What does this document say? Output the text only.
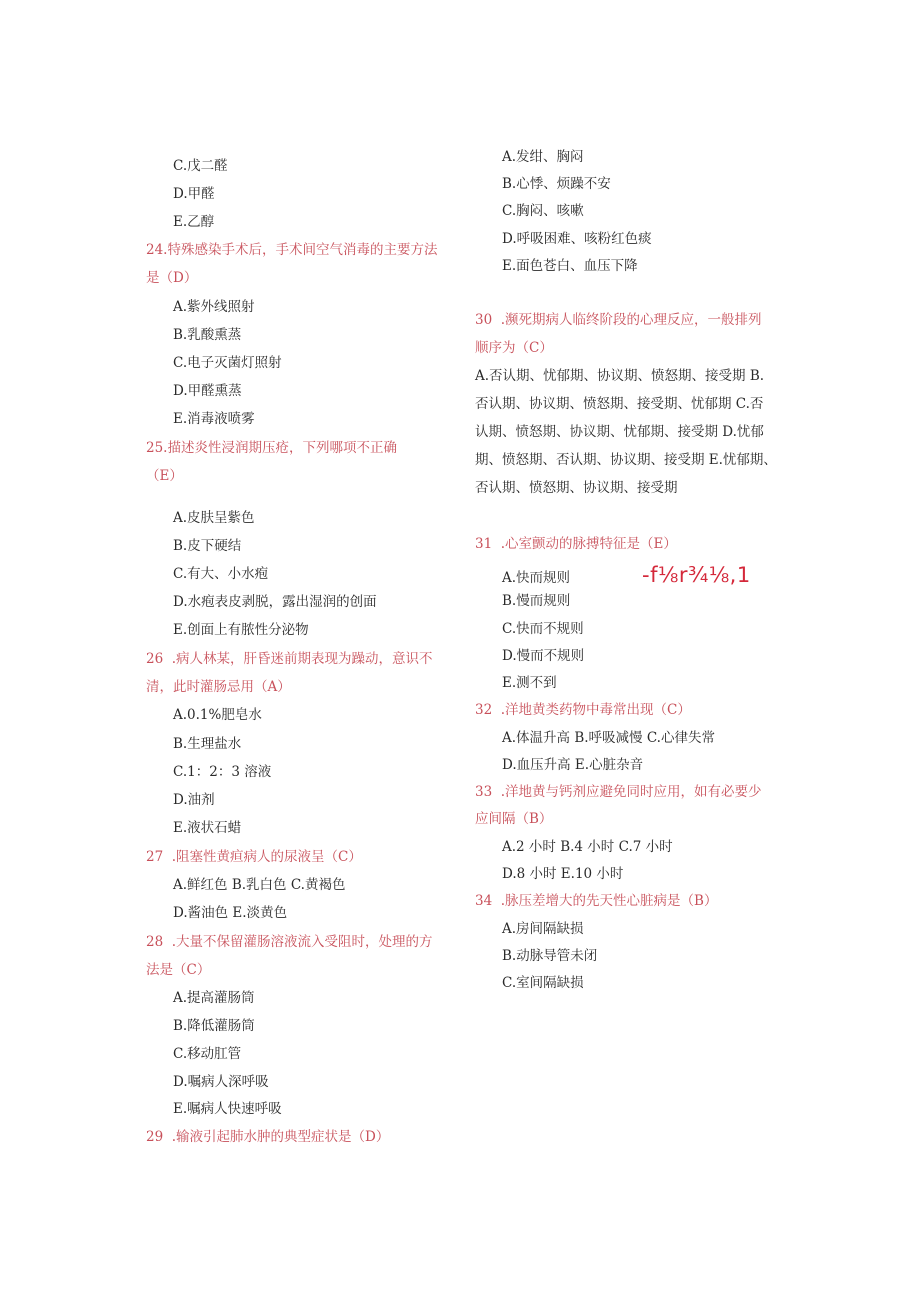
C.戊二醛
D.甲醛
E.乙醇
24.特殊感染手术后，手术间空气消毒的主要方法
是（D）
A.紫外线照射
B.乳酸熏蒸
C.电子灭菌灯照射
D.甲醛熏蒸
E.消毒液喷雾
25.描述炎性浸润期压疮，下列哪项不正确
（E）
A.皮肤呈紫色
B.皮下硬结
C.有大、小水疱
D.水疱表皮剥脱，露出湿润的创面
E.创面上有脓性分泌物
26  .病人林某，肝昏迷前期表现为躁动，意识不
清，此时灌肠忌用（A）
A.0.1%肥皂水
B.生理盐水
C.1：2：3 溶液
D.油剂
E.液状石蜡
27  .阻塞性黄疸病人的尿液呈（C）
A.鲜红色 B.乳白色 C.黄褐色
D.酱油色 E.淡黄色
28  .大量不保留灌肠溶液流入受阻时，处理的方
法是（C）
A.提高灌肠筒
B.降低灌肠筒
C.移动肛管
D.嘱病人深呼吸
E.嘱病人快速呼吸
29  .输液引起肺水肿的典型症状是（D）
A.发绀、胸闷
B.心悸、烦躁不安
C.胸闷、咳嗽
D.呼吸困难、咳粉红色痰
E.面色苍白、血压下降
30  .濒死期病人临终阶段的心理反应，一般排列
顺序为（C）
A.否认期、忧郁期、协议期、愤怒期、接受期 B.
否认期、协议期、愤怒期、接受期、忧郁期 C.否
认期、愤怒期、协议期、忧郁期、接受期 D.忧郁
期、愤怒期、否认期、协议期、接受期 E.忧郁期、
否认期、愤怒期、协议期、接受期
31  .心室颤动的脉搏特征是（E）
A.快而规则
B.慢而规则
C.快而不规则
D.慢而不规则
E.测不到
32  .洋地黄类药物中毒常出现（C）
A.体温升高 B.呼吸减慢 C.心律失常
D.血压升高 E.心脏杂音
33  .洋地黄与钙剂应避免同时应用，如有必要少
应间隔（B）
A.2 小时 B.4 小时 C.7 小时
D.8 小时 E.10 小时
34  .脉压差增大的先天性心脏病是（B）
A.房间隔缺损
B.动脉导管未闭
C.室间隔缺损
-f⅛r¾⅛,1
